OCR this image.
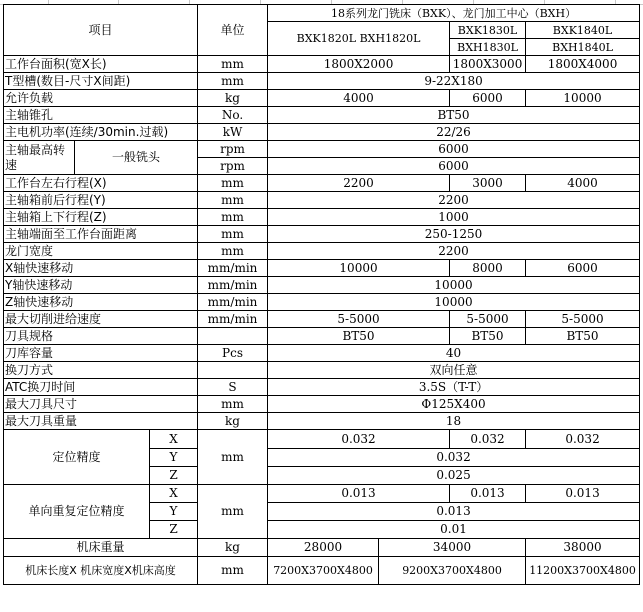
项目			单位	18系列龙门铣床（BXK）、龙门加工中心（BXH）			
				BXK1820L BXH1820L		BXK1830L	BXK1840L
						BXH1830L	BXH1840L
工作台面积(宽X长)			mm	1800X2000		1800X3000	1800X4000
T型槽(数目-尺寸X间距)			mm	9-22X180			
允许负载			kg	4000		6000	10000
主轴锥孔			No.	BT50			
主电机功率(连续/30min.过载)			kW	22/26			
主轴最高转速	一般铣头		rpm	6000			
			rpm	6000			
工作台左右行程(X)			mm	2200		3000	4000
主轴箱前后行程(Y)			mm	2200			
主轴箱上下行程(Z)			mm	1000			
主轴端面至工作台面距离			mm	250-1250			
龙门宽度			mm	2200			
X轴快速移动			mm/min	10000		8000	6000
Y轴快速移动			mm/min	10000			
Z轴快速移动			mm/min	10000			
最大切削进给速度			mm/min	5-5000		5-5000	5-5000
刀具规格				BT50		BT50	BT50
刀库容量			Pcs	40			
换刀方式				双向任意			
ATC换刀时间			S	3.5S（T-T）			
最大刀具尺寸			mm	Φ125X400			
最大刀具重量			kg	18			
定位精度		X	mm	0.032		0.032	0.032
		Y		0.032			
		Z		0.025			
单向重复定位精度		X	mm	0.013		0.013	0.013
		Y		0.013			
		Z		0.01			
机床重量			kg	28000	34000		38000
机床长度X 机床宽度X机床高度			mm	7200X3700X4800	9200X3700X4800		11200X3700X4800
